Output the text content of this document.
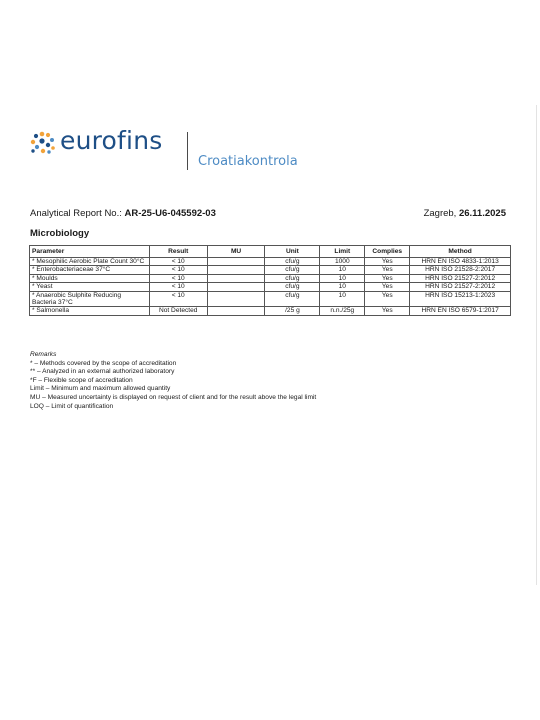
eurofins
Croatiakontrola
Analytical Report No.: AR-25-U6-045592-03	Zagreb, 26.11.2025
Microbiology
Parameter	Result	MU	Unit	Limit	Complies	Method
* Mesophilic Aerobic Plate Count 30°C	< 10		cfu/g	1000	Yes	HRN EN ISO 4833-1:2013
* Enterobacteriaceae 37°C	< 10		cfu/g	10	Yes	HRN ISO 21528-2:2017
* Moulds	< 10		cfu/g	10	Yes	HRN ISO 21527-2:2012
* Yeast	< 10		cfu/g	10	Yes	HRN ISO 21527-2:2012
* Anaerobic Sulphite Reducing Bacteria 37°C	< 10		cfu/g	10	Yes	HRN ISO 15213-1:2023
* Salmonella	Not Detected		/25 g	n.n./25g	Yes	HRN EN ISO 6579-1:2017
Remarks
* – Methods covered by the scope of accreditation
** – Analyzed in an external authorized laboratory
*F – Flexible scope of accreditation
Limit – Minimum and maximum allowed quantity
MU – Measured uncertainty is displayed on request of client and for the result above the legal limit
LOQ – Limit of quantification
